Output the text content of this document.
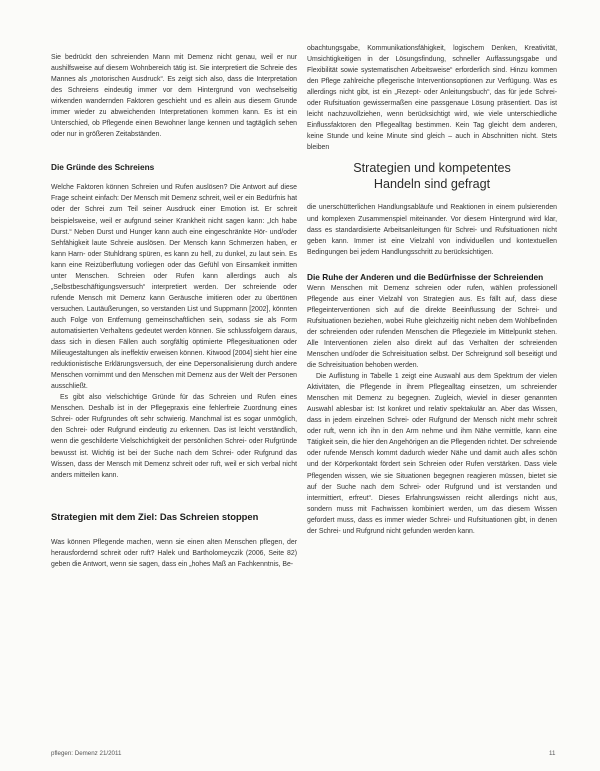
Sie bedrückt den schreienden Mann mit Demenz nicht genau, weil er nur aushilfsweise auf diesem Wohnbereich tätig ist. Sie interpretiert die Schreie des Mannes als „motorischen Ausdruck“. Es zeigt sich also, dass die Interpretation des Schreiens eindeutig immer vor dem Hintergrund von wechselseitig wirkenden wandernden Faktoren geschieht und es allein aus diesem Grunde immer wieder zu abweichenden Interpretationen kommen kann. Es ist ein Unterschied, ob Pflegende einen Bewohner lange kennen und tagtäglich sehen oder nur in größeren Zeitabständen.

Die Gründe des Schreiens

Welche Faktoren können Schreien und Rufen auslösen? Die Antwort auf diese Frage scheint einfach: Der Mensch mit Demenz schreit, weil er ein Bedürfnis hat oder der Schrei zum Teil seiner Ausdruck einer Emotion ist. Er schreit beispielsweise, weil er aufgrund seiner Krankheit nicht sagen kann: „Ich habe Durst.“ Neben Durst und Hunger kann auch eine eingeschränkte Hör- und/oder Sehfähigkeit laute Schreie auslösen. Der Mensch kann Schmerzen haben, er kann Harn- oder Stuhldrang spüren, es kann zu hell, zu dunkel, zu laut sein. Es kann eine Reizüberflutung vorliegen oder das Gefühl von Einsamkeit inmitten unter Menschen. Schreien oder Rufen kann allerdings auch als „Selbstbeschäftigungsversuch“ interpretiert werden. Der schreiende oder rufende Mensch mit Demenz kann Geräusche imitieren oder zu übertönen versuchen. Lautäußerungen, so verstanden List und Suppmann [2002], könnten auch Folge von Entfernung gemeinschaftlichen sein, sodass sie als Form automatisierten Verhaltens gedeutet werden können. Sie schlussfolgern daraus, dass sich in diesen Fällen auch sorgfältig optimierte Pflegesituationen oder Milieugestaltungen als ineffektiv erweisen können. Kitwood [2004] sieht hier eine reduktionistische Erklärungsversuch, der eine Depersonalisierung durch andere Menschen vornimmt und den Menschen mit Demenz aus der Welt der Personen ausschließt.

Es gibt also vielschichtige Gründe für das Schreien und Rufen eines Menschen. Deshalb ist in der Pflegepraxis eine fehlerfreie Zuordnung eines Schrei- oder Rufgrundes oft sehr schwierig. Manchmal ist es sogar unmöglich, den Schrei- oder Rufgrund eindeutig zu erkennen. Das ist leicht verständlich, wenn die geschilderte Vielschichtigkeit der persönlichen Schrei- oder Rufgründe bewusst ist. Wichtig ist bei der Suche nach dem Schrei- oder Rufgrund das Wissen, dass der Mensch mit Demenz schreit oder ruft, weil er sich verbal nicht anders mitteilen kann.

Strategien mit dem Ziel: Das Schreien stoppen

Was können Pflegende machen, wenn sie einen alten Menschen pflegen, der herausfordernd schreit oder ruft? Halek und Bartholomeyczik (2006, Seite 82) geben die Antwort, wenn sie sagen, dass ein „hohes Maß an Fachkenntnis, Be-

obachtungsgabe, Kommunikationsfähigkeit, logischem Denken, Kreativität, Umsichtigkeitigen in der Lösungsfindung, schneller Auffassungsgabe und Flexibilität sowie systematischen Arbeitsweise“ erforderlich sind. Hinzu kommen den Pflege zahlreiche pflegerische Interventionsoptionen zur Verfügung. Was es allerdings nicht gibt, ist ein „Rezept- oder Anleitungsbuch“, das für jede Schrei- oder Rufsituation gewissermaßen eine passgenaue Lösung präsentiert. Das ist leicht nachzuvollziehen, wenn berücksichtigt wird, wie viele unterschiedliche Einflussfaktoren den Pflegealltag bestimmen. Kein Tag gleicht dem anderen, keine Stunde und keine Minute sind gleich – auch in Abschnitten nicht. Stets bleiben

Strategien und kompetentes
Handeln sind gefragt

die unerschütterlichen Handlungsabläufe und Reaktionen in einem pulsierenden und komplexen Zusammenspiel miteinander. Vor diesem Hintergrund wird klar, dass es standardisierte Arbeitsanleitungen für Schrei- und Rufsituationen nicht geben kann. Immer ist eine Vielzahl von individuellen und kontextuellen Bedingungen bei jedem Handlungsschritt zu berücksichtigen.

Die Ruhe der Anderen und die Bedürfnisse der Schreienden

Wenn Menschen mit Demenz schreien oder rufen, wählen professionell Pflegende aus einer Vielzahl von Strategien aus. Es fällt auf, dass diese Pflegeinterventionen sich auf die direkte Beeinflussung der Schrei- und Rufsituationen beziehen, wobei Ruhe gleichzeitig nicht neben dem Wohlbefinden der schreienden oder rufenden Menschen die Pflegeziele im Mittelpunkt stehen. Alle Interventionen zielen also direkt auf das Verhalten der schreienden Menschen und/oder die Schreisituation selbst. Der Schreigrund soll beseitigt und die Schreisituation behoben werden.

Die Auflistung in Tabelle 1 zeigt eine Auswahl aus dem Spektrum der vielen Aktivitäten, die Pflegende in ihrem Pflegealltag einsetzen, um schreiender Menschen mit Demenz zu begegnen. Zugleich, wieviel in dieser genannten Auswahl ablesbar ist: Ist konkret und relativ spektakulär an. Aber das Wissen, dass in jedem einzelnen Schrei- oder Rufgrund der Mensch nicht mehr schreit oder ruft, wenn ich ihn in den Arm nehme und ihm Nähe vermittle, kann eine Tätigkeit sein, die hier den Angehörigen an die Pflegenden richtet. Der schreiende oder rufende Mensch kommt dadurch wieder Nähe und damit auch alles schön und der Körperkontakt fördert sein Schreien oder Rufen verstärken. Dass viele Pflegenden wissen, wie sie Situationen begegnen reagieren müssen, bietet sie auf der Suche nach dem Schrei- oder Rufgrund und ist verstanden und intermittiert, erfreut“. Dieses Erfahrungswissen reicht allerdings nicht aus, sondern muss mit Fachwissen kombiniert werden, um das diesem Wissen gefordert muss, dass es immer wieder Schrei- und Rufsituationen gibt, in denen der Schrei- und Rufgrund nicht gefunden werden kann.

pflegen: Demenz 21/2011	11
